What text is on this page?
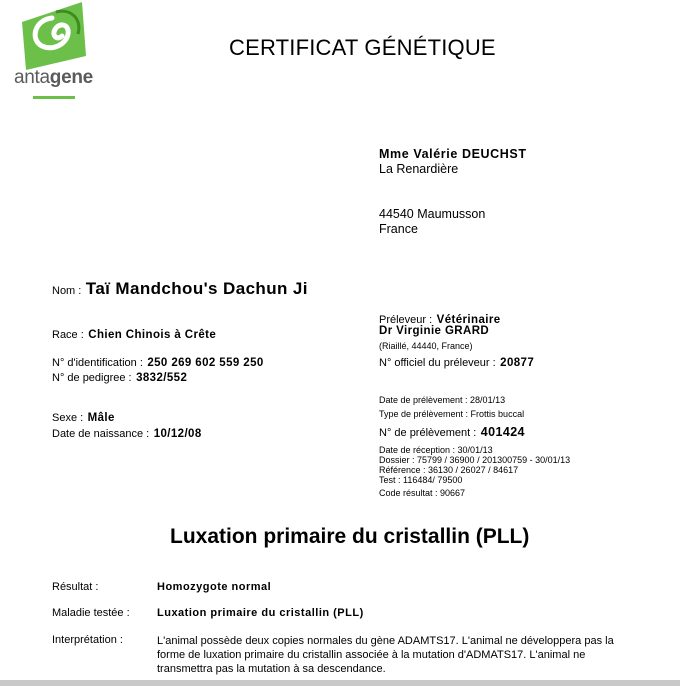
antagene
CERTIFICAT GÉNÉTIQUE
Mme Valérie DEUCHST
La Renardière
44540 Maumusson
France
Nom : Taï Mandchou's Dachun Ji
Race : Chien Chinois à Crête
N° d'identification : 250 269 602 559 250
N° de pedigree : 3832/552
Sexe : Mâle
Date de naissance : 10/12/08
Préleveur : Vétérinaire
Dr Virginie GRARD
(Riaillé, 44440, France)
N° officiel du préleveur : 20877
Date de prélèvement : 28/01/13
Type de prélèvement : Frottis buccal
N° de prélèvement : 401424
Date de réception : 30/01/13
Dossier : 75799 / 36900 / 201300759 - 30/01/13
Référence : 36130 / 26027 / 84617
Test : 116484/ 79500
Code résultat : 90667
Luxation primaire du cristallin (PLL)
Résultat :	Homozygote normal
Maladie testée : Luxation primaire du cristallin (PLL)
Interprétation :	L'animal possède deux copies normales du gène ADAMTS17. L'animal ne développera pas la forme de luxation primaire du cristallin associée à la mutation d'ADMATS17. L'animal ne transmettra pas la mutation à sa descendance.
